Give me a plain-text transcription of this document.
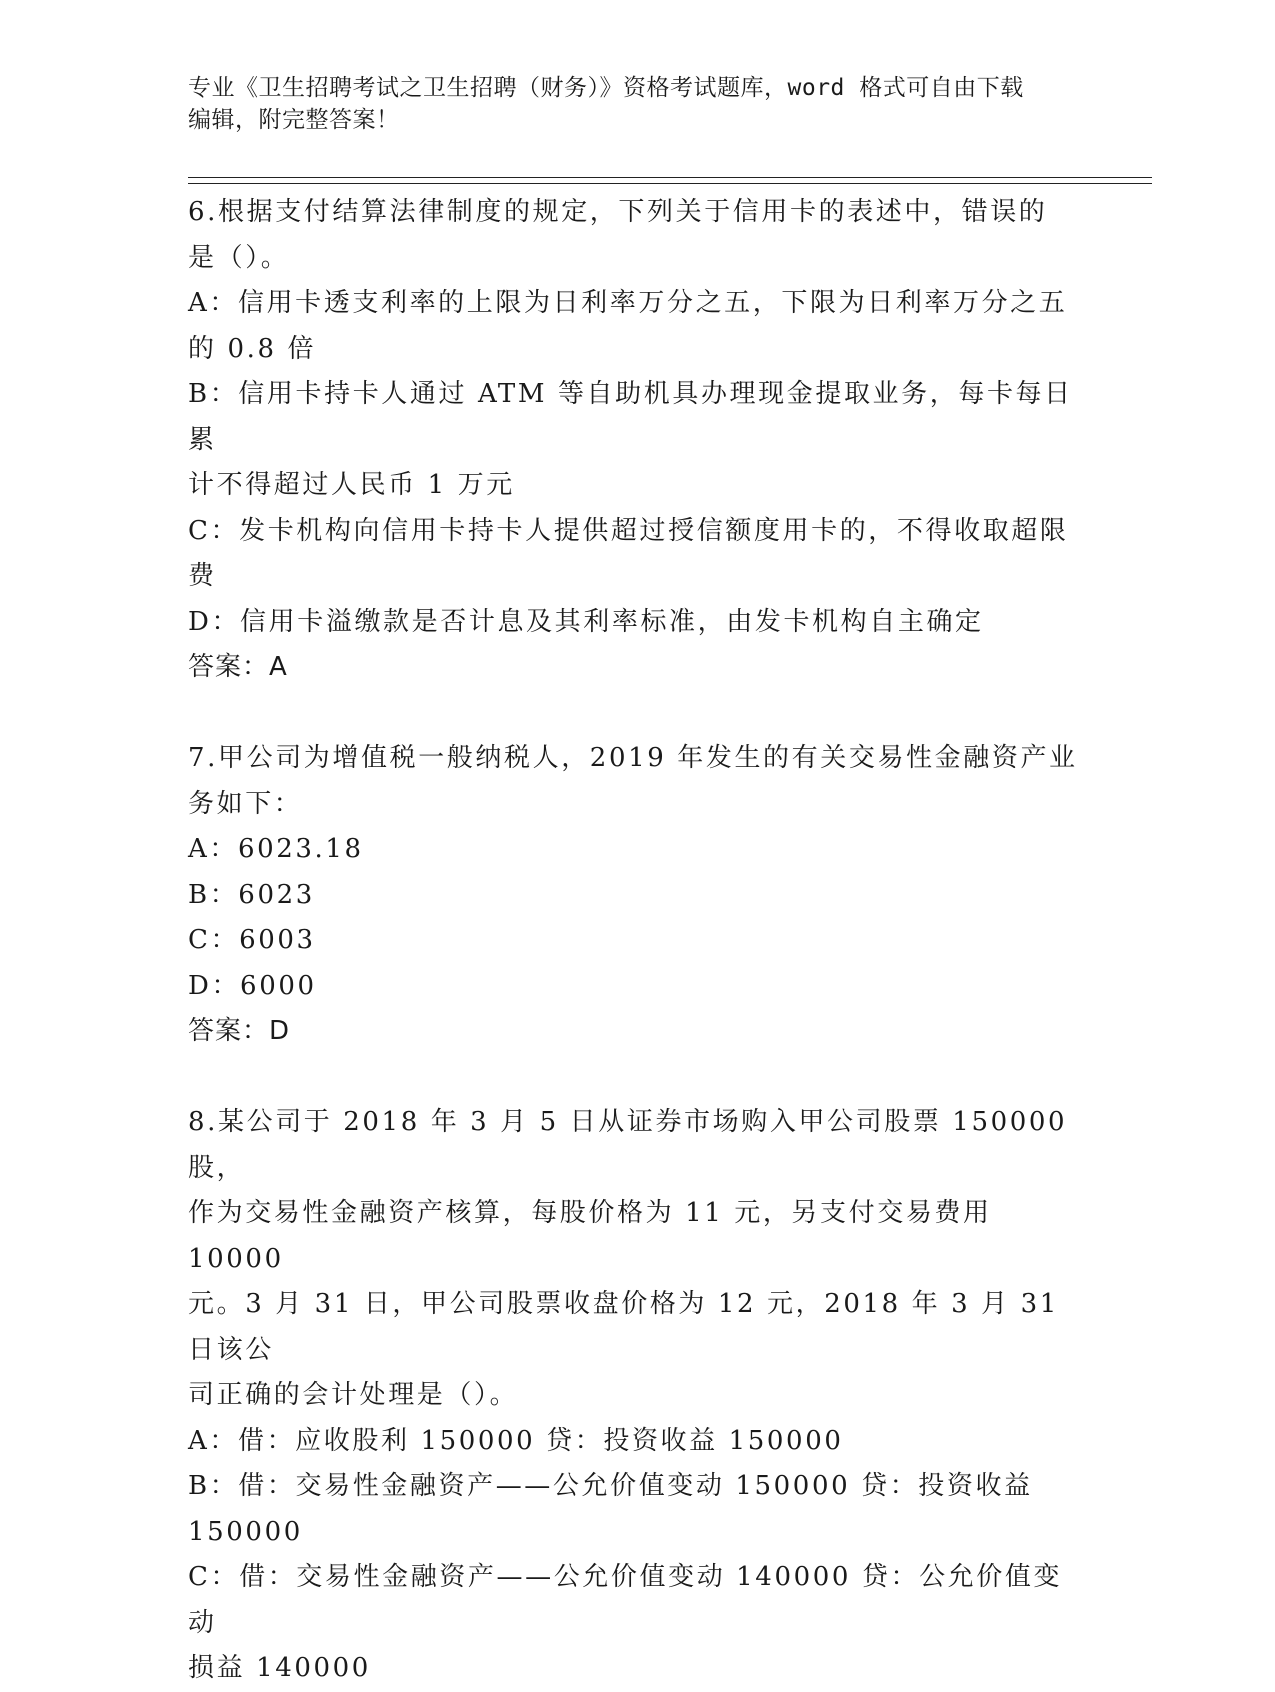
专业《卫生招聘考试之卫生招聘（财务）》资格考试题库，word 格式可自由下载
编辑，附完整答案！
6.根据支付结算法律制度的规定，下列关于信用卡的表述中，错误的
是（）。
A：信用卡透支利率的上限为日利率万分之五，下限为日利率万分之五
的 0.8 倍
B：信用卡持卡人通过 ATM 等自助机具办理现金提取业务，每卡每日累
计不得超过人民币 1 万元
C：发卡机构向信用卡持卡人提供超过授信额度用卡的，不得收取超限
费
D：信用卡溢缴款是否计息及其利率标准，由发卡机构自主确定
答案：A
7.甲公司为增值税一般纳税人，2019 年发生的有关交易性金融资产业
务如下：
A：6023.18
B：6023
C：6003
D：6000
答案：D
8.某公司于 2018 年 3 月 5 日从证券市场购入甲公司股票 150000 股，
作为交易性金融资产核算，每股价格为 11 元，另支付交易费用 10000
元。3 月 31 日，甲公司股票收盘价格为 12 元，2018 年 3 月 31 日该公
司正确的会计处理是（）。
A：借：应收股利 150000 贷：投资收益 150000
B：借：交易性金融资产——公允价值变动 150000 贷：投资收益
150000
C：借：交易性金融资产——公允价值变动 140000 贷：公允价值变动
损益 140000
